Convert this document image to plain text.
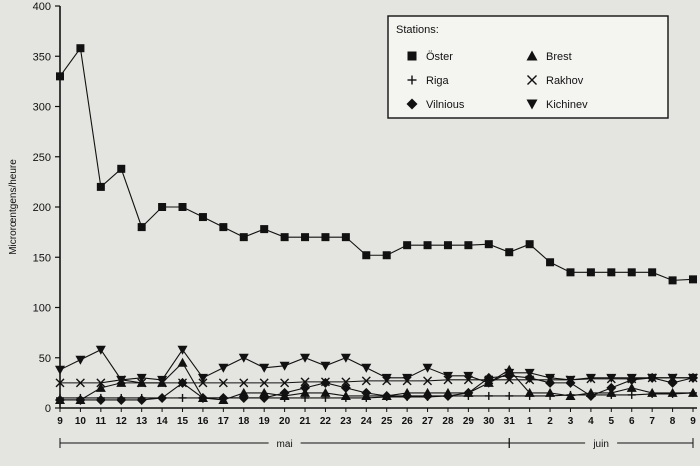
0
50
100
150
200
250
300
350
400
Microrœntgens/heure
9 10 11 12 13 14 15 16 17 18 19 20 21 22 23 24 25 26 27 28 29 30 31 1 2 3 4 5 6 7 8 9
mai	juin
Stations:
Öster	Brest
Riga	Rakhov
Vilnious	Kichinev
